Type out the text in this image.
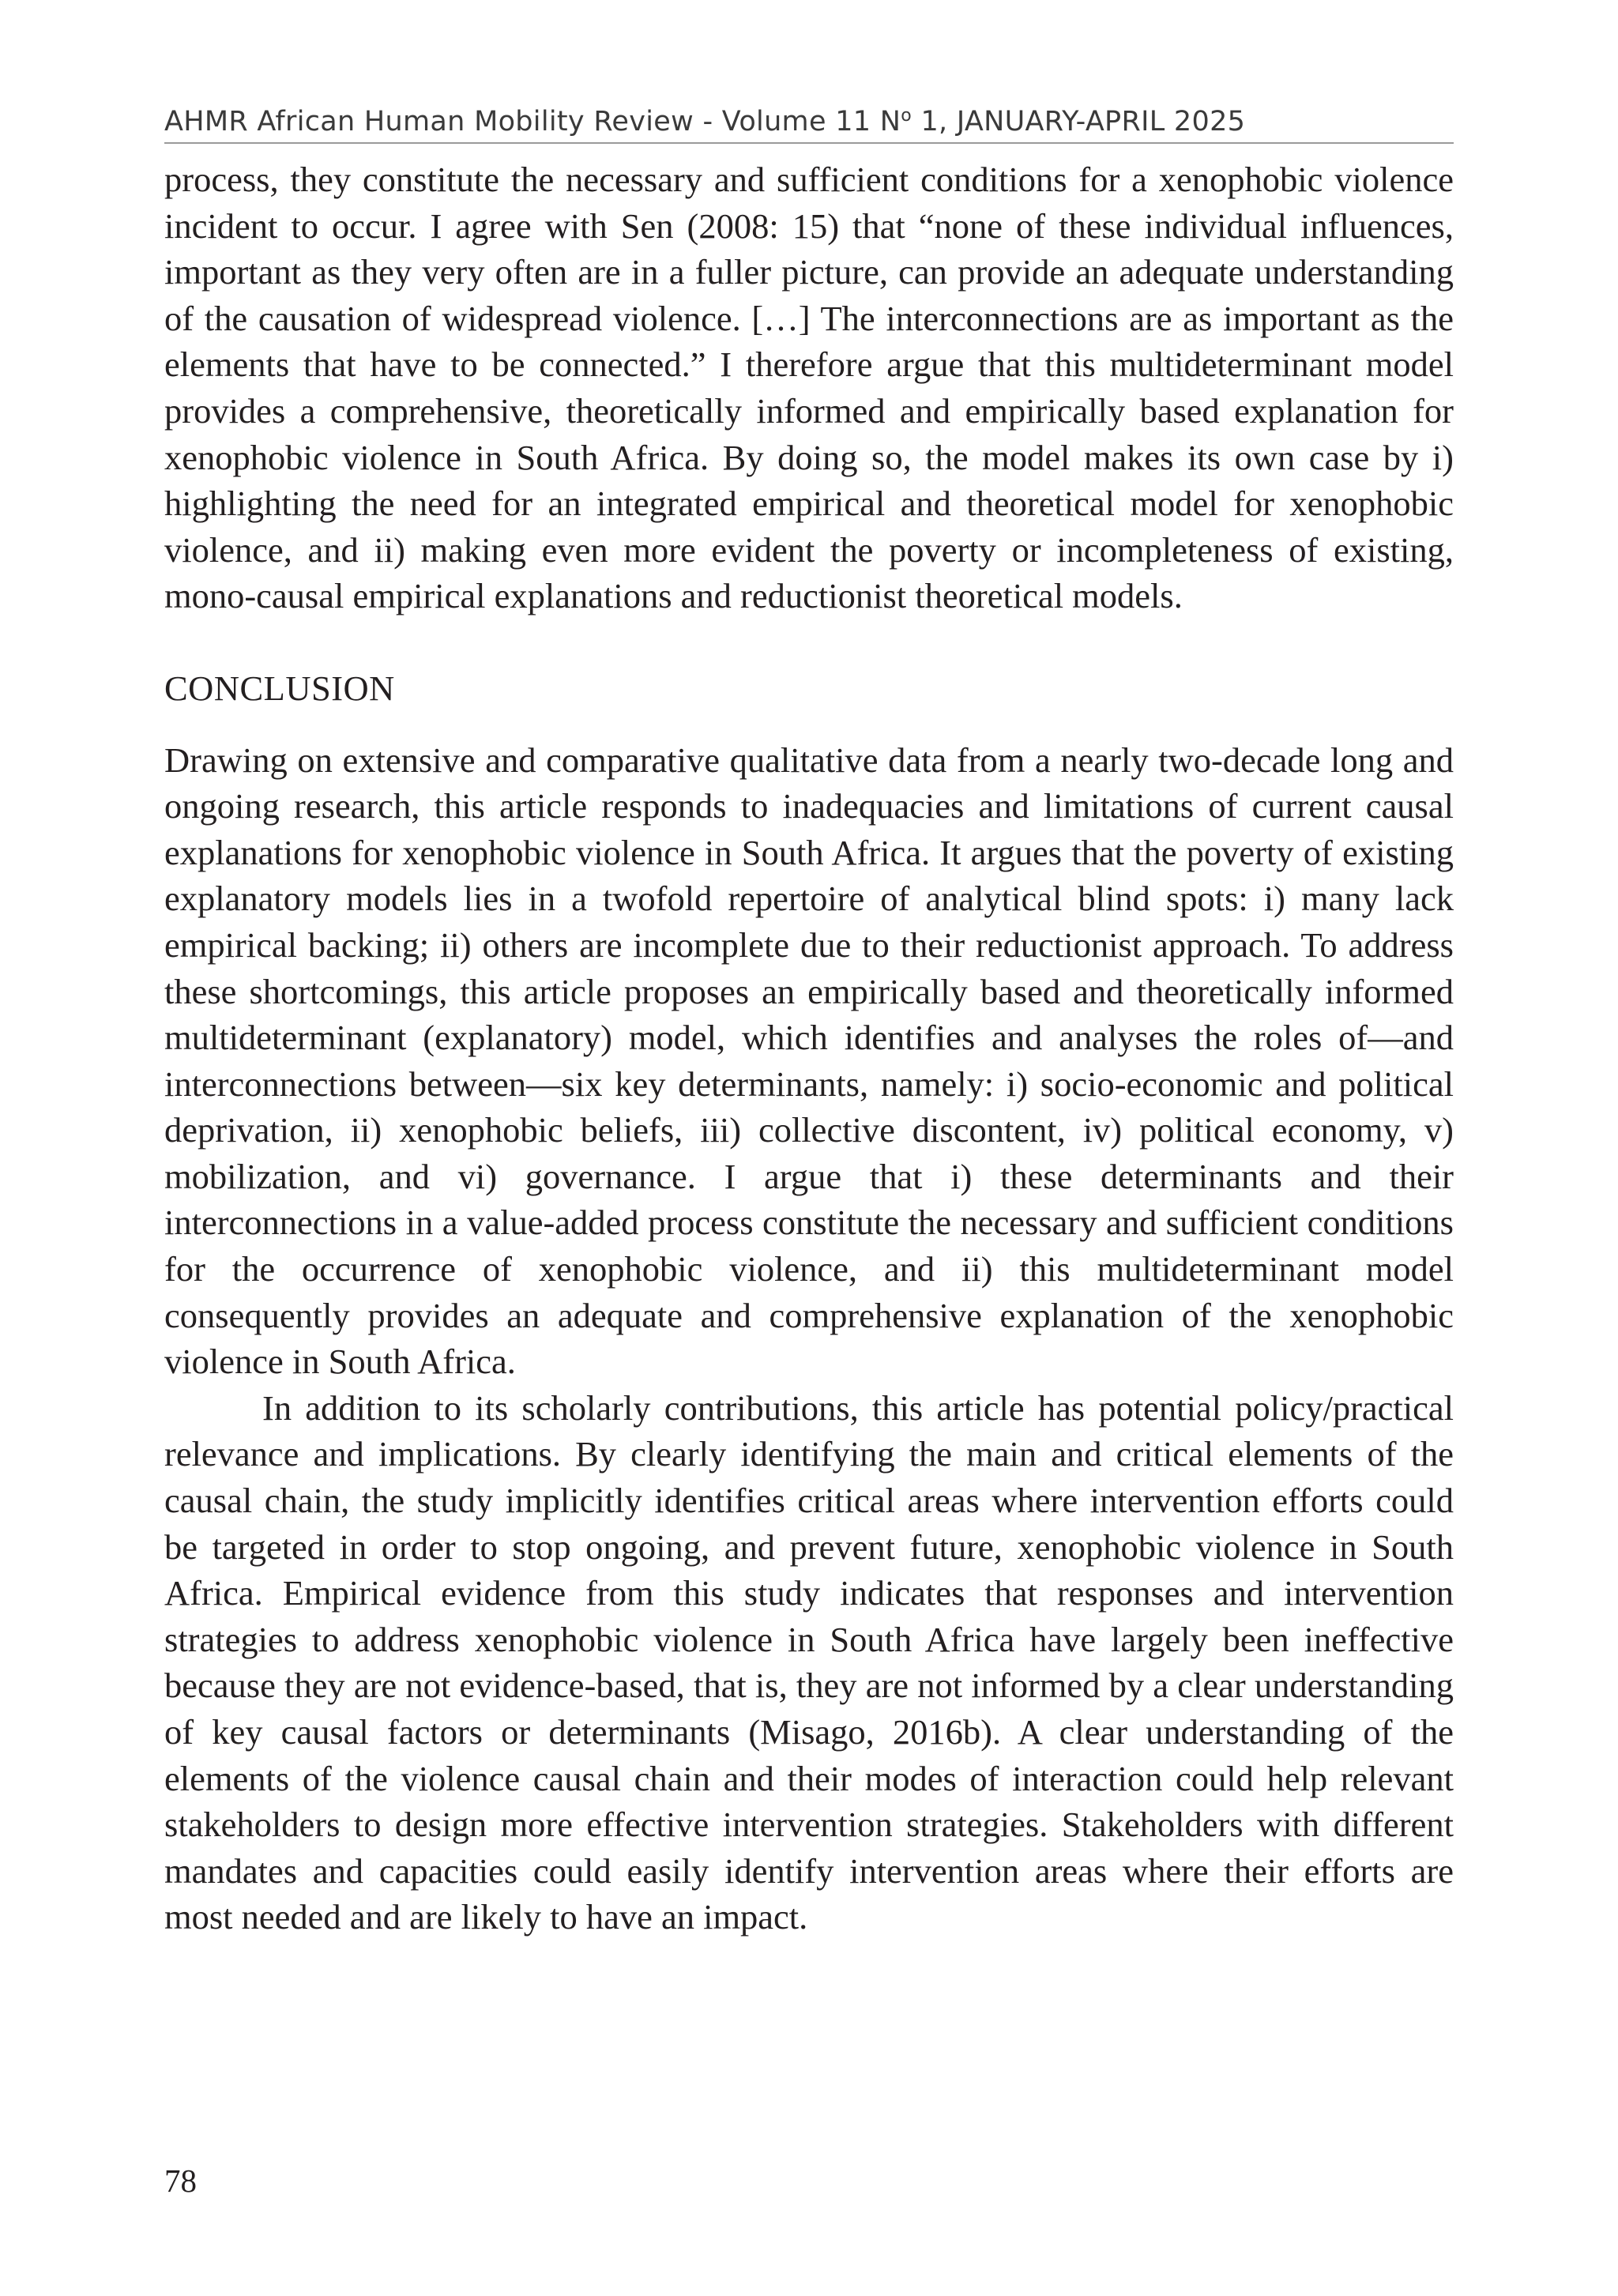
AHMR African Human Mobility Review - Volume 11 $N^o$ 1, JANUARY-APRIL 2025

process, they constitute the necessary and sufficient conditions for a xenophobic violence incident to occur. I agree with Sen (2008: 15) that “none of these individual influences, important as they very often are in a fuller picture, can provide an adequate understanding of the causation of widespread violence. […] The interconnections are as important as the elements that have to be connected.” I therefore argue that this multideterminant model provides a comprehensive, theoretically informed and empirically based explanation for xenophobic violence in South Africa. By doing so, the model makes its own case by i) highlighting the need for an integrated empirical and theoretical model for xenophobic violence, and ii) making even more evident the poverty or incompleteness of existing, mono-causal empirical explanations and reductionist theoretical models.

CONCLUSION

Drawing on extensive and comparative qualitative data from a nearly two-decade long and ongoing research, this article responds to inadequacies and limitations of current causal explanations for xenophobic violence in South Africa. It argues that the poverty of existing explanatory models lies in a twofold repertoire of analytical blind spots: i) many lack empirical backing; ii) others are incomplete due to their reductionist approach. To address these shortcomings, this article proposes an empirically based and theoretically informed multideterminant (explanatory) model, which identifies and analyses the roles of—and interconnections between—six key determinants, namely: i) socio-economic and political deprivation, ii) xenophobic beliefs, iii) collective discontent, iv) political economy, v) mobilization, and vi) governance. I argue that i) these determinants and their interconnections in a value-added process constitute the necessary and sufficient conditions for the occurrence of xenophobic violence, and ii) this multideterminant model consequently provides an adequate and comprehensive explanation of the xenophobic violence in South Africa.

In addition to its scholarly contributions, this article has potential policy/practical relevance and implications. By clearly identifying the main and critical elements of the causal chain, the study implicitly identifies critical areas where intervention efforts could be targeted in order to stop ongoing, and prevent future, xenophobic violence in South Africa. Empirical evidence from this study indicates that responses and intervention strategies to address xenophobic violence in South Africa have largely been ineffective because they are not evidence-based, that is, they are not informed by a clear understanding of key causal factors or determinants (Misago, 2016b). A clear understanding of the elements of the violence causal chain and their modes of interaction could help relevant stakeholders to design more effective intervention strategies. Stakeholders with different mandates and capacities could easily identify intervention areas where their efforts are most needed and are likely to have an impact.

78
